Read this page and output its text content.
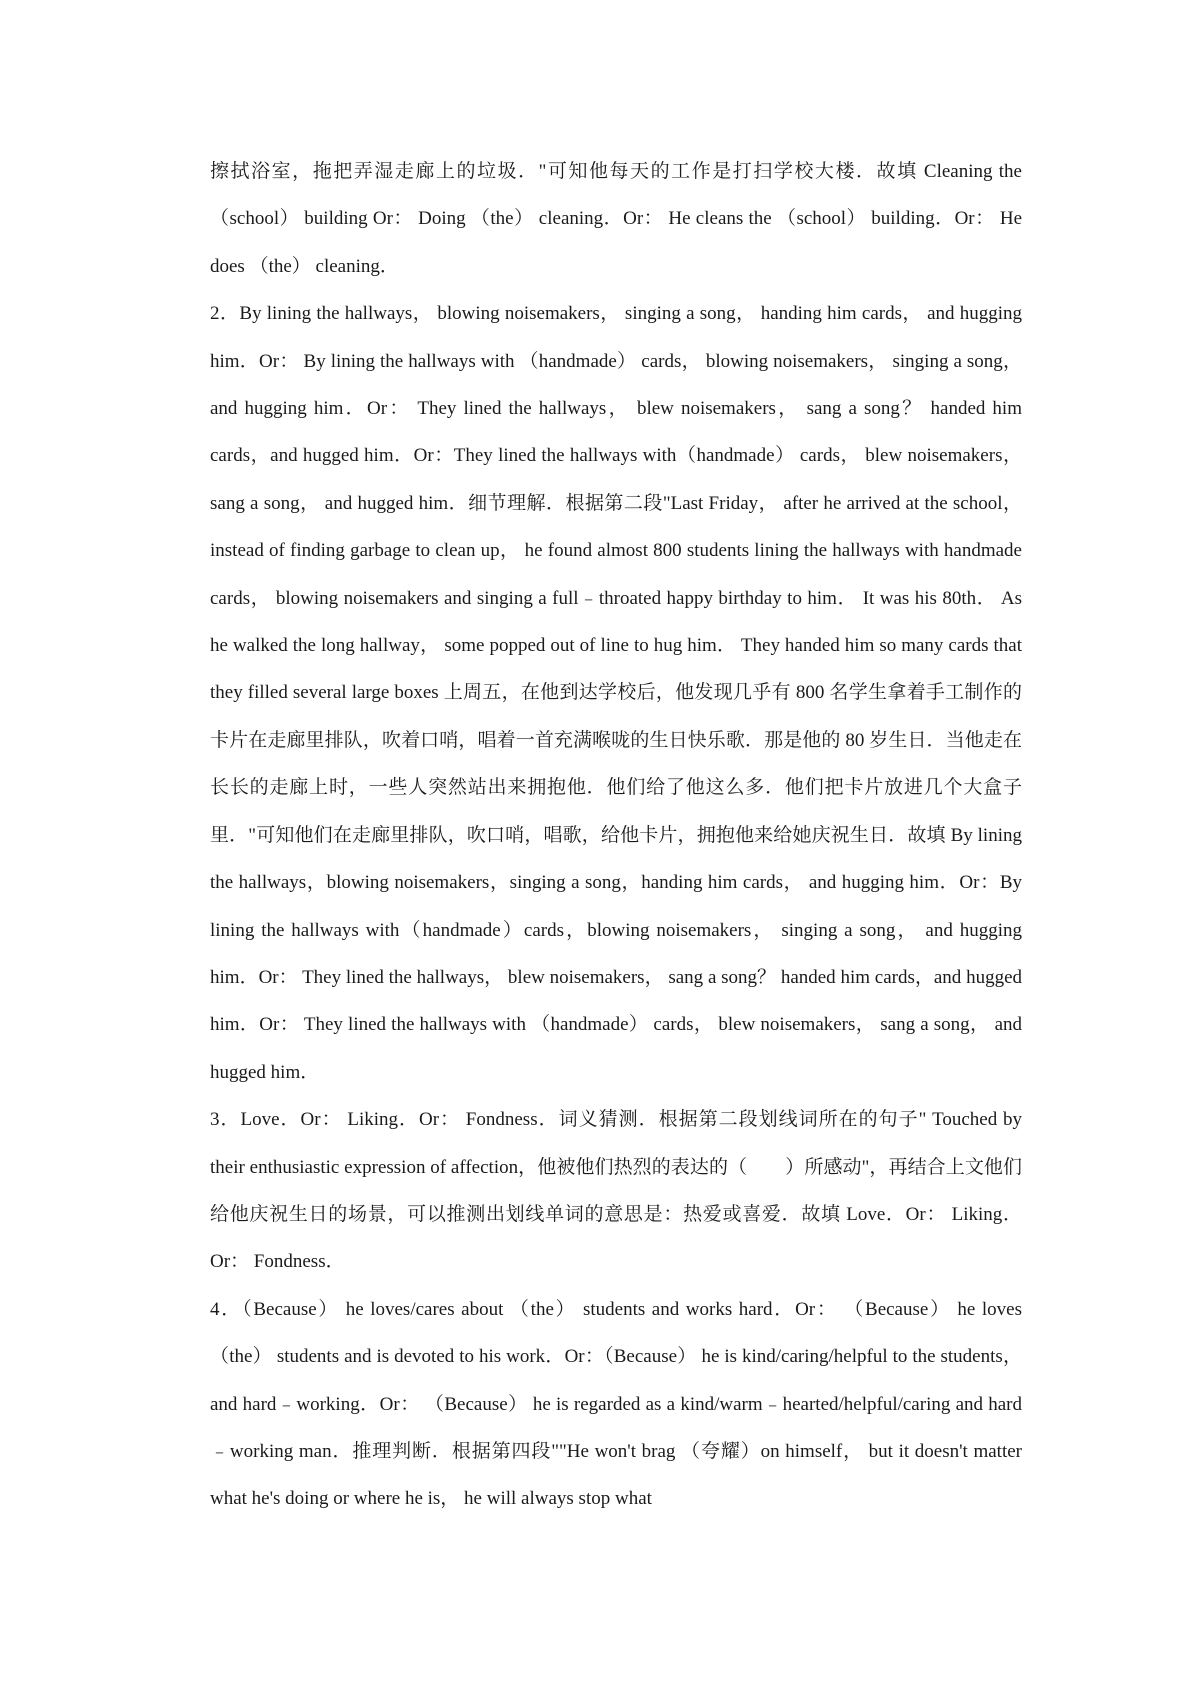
擦拭浴室，拖把弄湿走廊上的垃圾．"可知他每天的工作是打扫学校大楼．故填 Cleaning the （school） building Or： Doing （the） cleaning．Or： He cleans the （school） building．Or： He does （the） cleaning．

2．By lining the hallways， blowing noisemakers， singing a song， handing him cards， and hugging him．Or： By lining the hallways with （handmade） cards， blowing noisemakers， singing a song， and hugging him．Or： They lined the hallways， blew noisemakers， sang a song？ handed him cards，and hugged him．Or：They lined the hallways with（handmade） cards， blew noisemakers， sang a song， and hugged him．细节理解．根据第二段"Last Friday， after he arrived at the school， instead of finding garbage to clean up， he found almost 800 students lining the hallways with handmade cards， blowing noisemakers and singing a full﹣throated happy birthday to him． It was his 80th． As he walked the long hallway， some popped out of line to hug him． They handed him so many cards that they filled several large boxes 上周五，在他到达学校后，他发现几乎有 800 名学生拿着手工制作的卡片在走廊里排队，吹着口哨，唱着一首充满喉咙的生日快乐歌．那是他的 80 岁生日．当他走在长长的走廊上时，一些人突然站出来拥抱他．他们给了他这么多．他们把卡片放进几个大盒子里．"可知他们在走廊里排队，吹口哨，唱歌，给他卡片，拥抱他来给她庆祝生日．故填 By lining the hallways，blowing noisemakers，singing a song，handing him cards， and hugging him．Or：By lining the hallways with（handmade）cards，blowing noisemakers， singing a song， and hugging him．Or： They lined the hallways， blew noisemakers， sang a song？ handed him cards，and hugged him．Or： They lined the hallways with （handmade） cards， blew noisemakers， sang a song， and hugged him．

3．Love．Or： Liking．Or： Fondness．词义猜测．根据第二段划线词所在的句子" Touched by their enthusiastic expression of affection，他被他们热烈的表达的（　　）所感动"，再结合上文他们给他庆祝生日的场景，可以推测出划线单词的意思是：热爱或喜爱．故填 Love．Or： Liking．Or： Fondness．

4．（Because） he loves/cares about （the） students and works hard．Or： （Because） he loves （the） students and is devoted to his work．Or：（Because） he is kind/caring/helpful to the students， and hard﹣working．Or： （Because） he is regarded as a kind/warm﹣hearted/helpful/caring and hard﹣working man．推理判断．根据第四段""He won't brag （夸耀）on himself， but it doesn't matter what he's doing or where he is， he will always stop what
